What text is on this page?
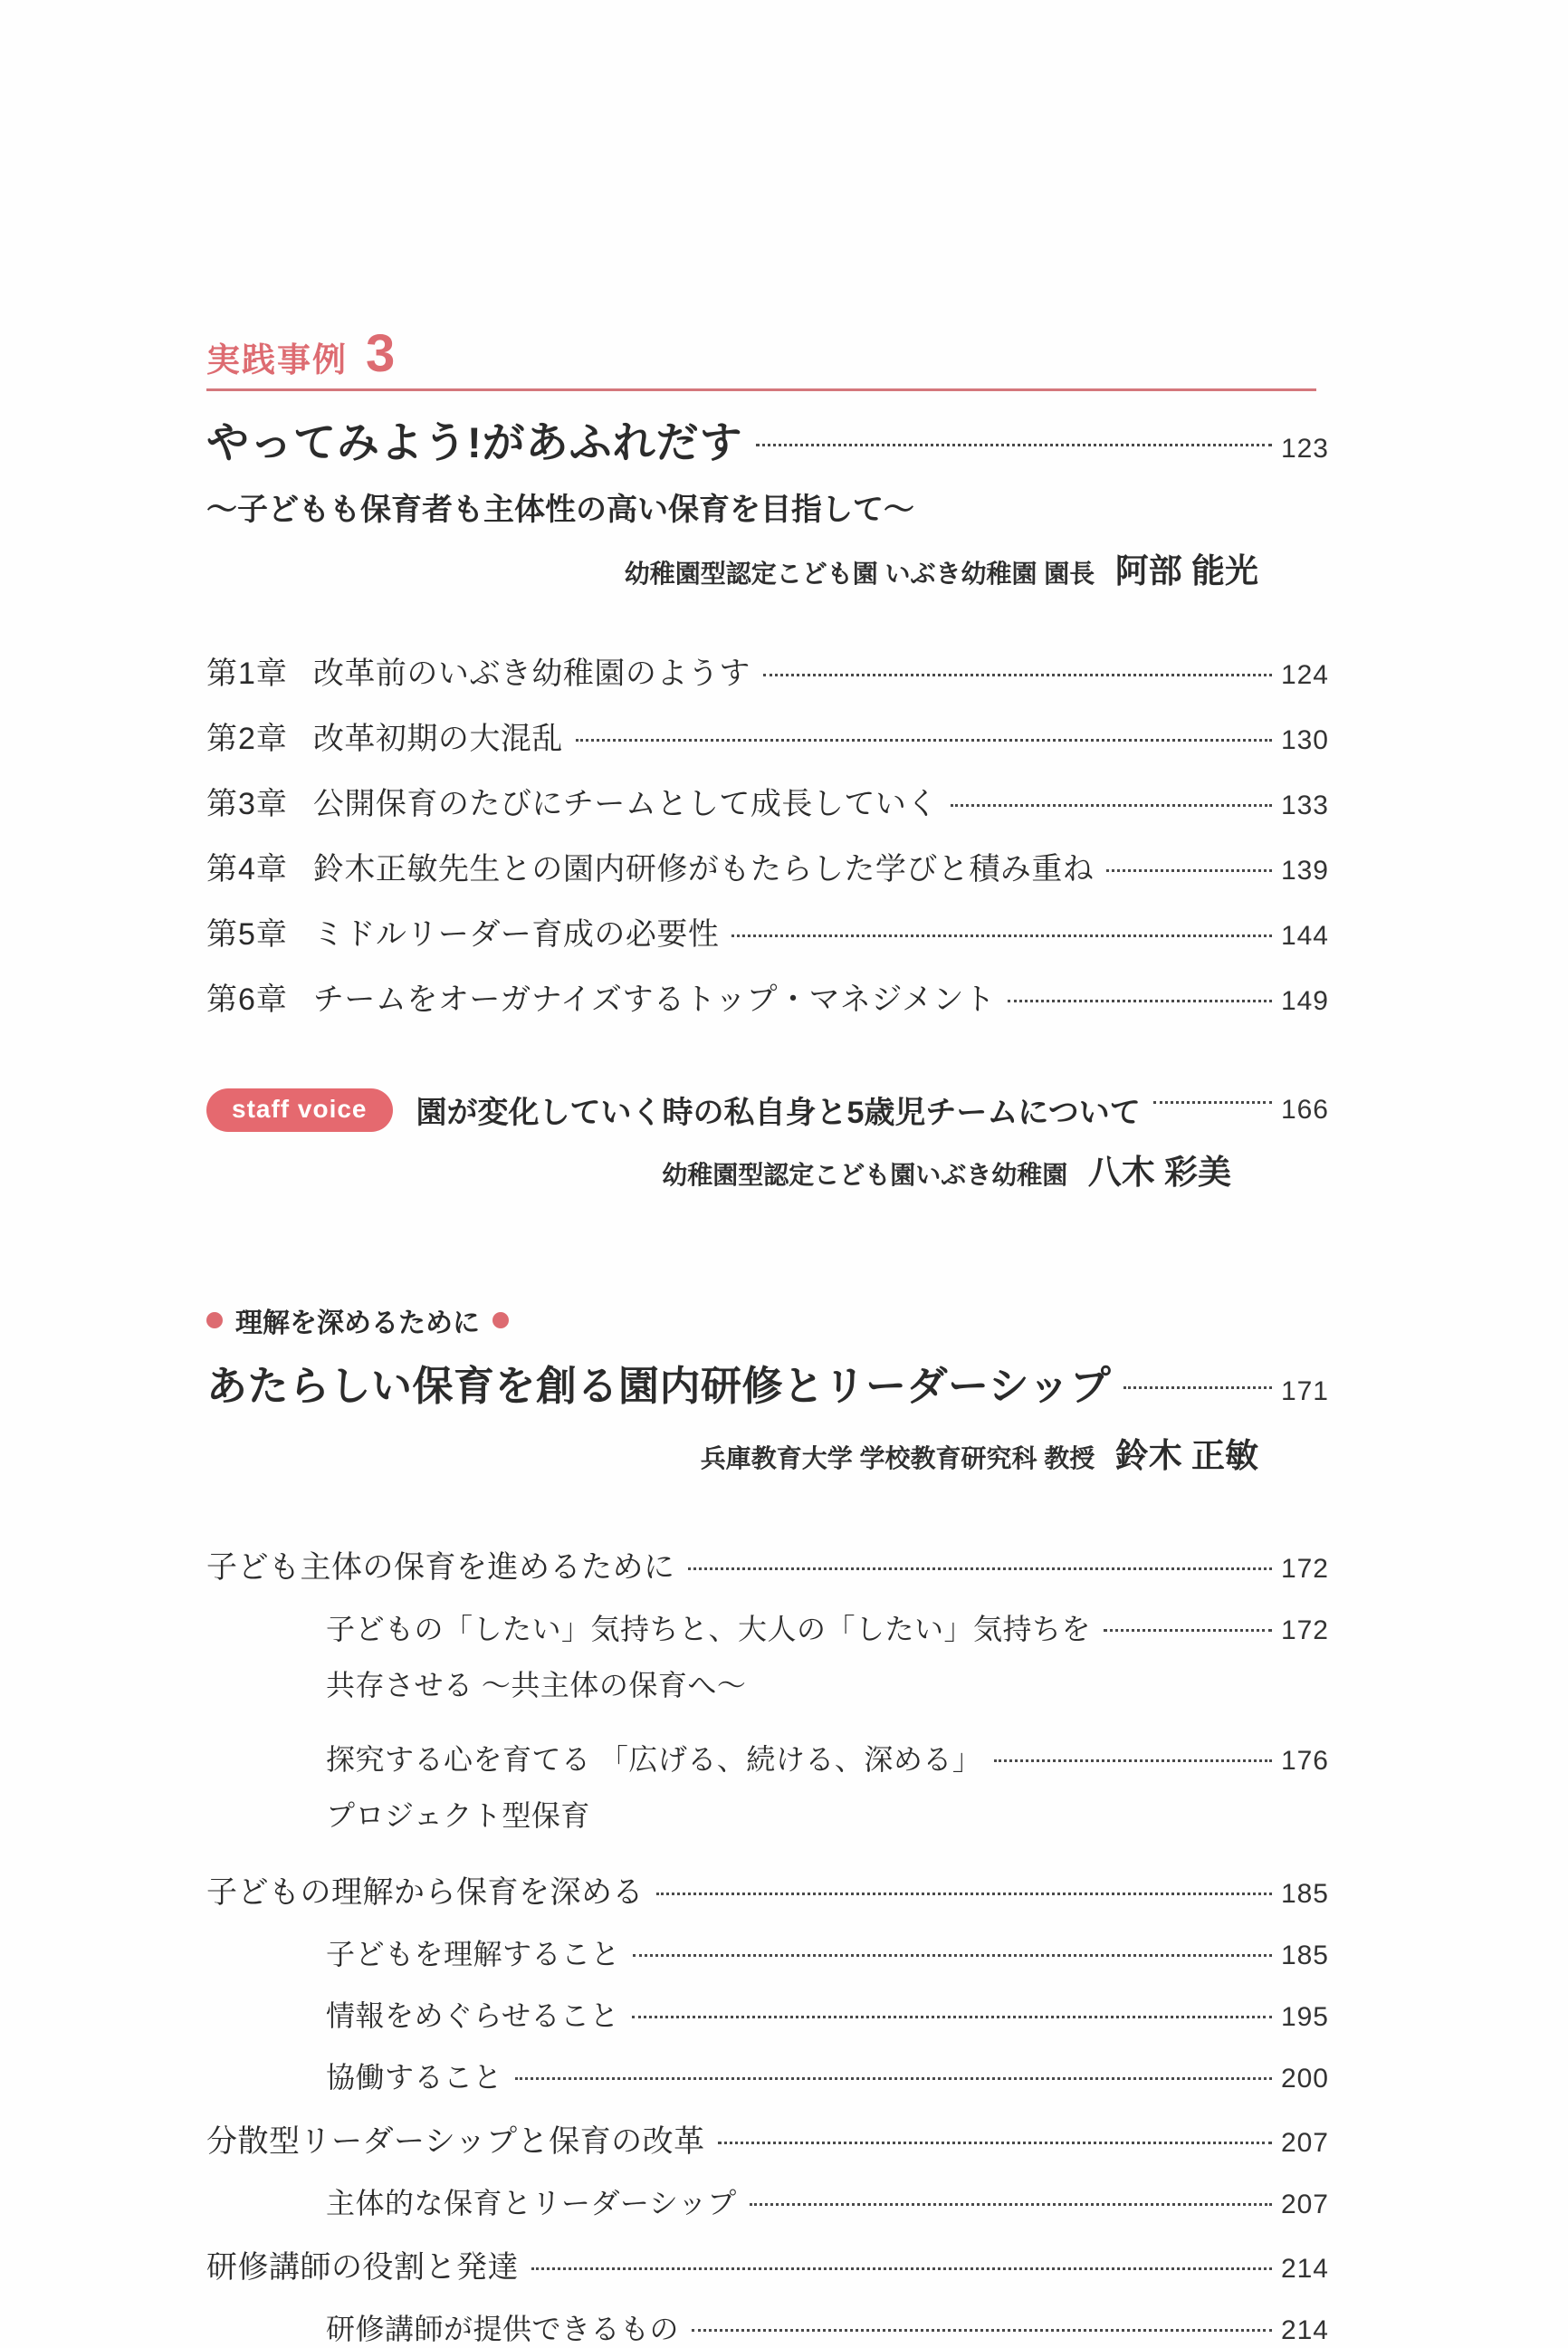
実践事例 3
やってみよう!があふれだす	123
〜子どもも保育者も主体性の高い保育を目指して〜
幼稚園型認定こども園 いぶき幼稚園 園長 阿部 能光
第1章 改革前のいぶき幼稚園のようす	124
第2章 改革初期の大混乱	130
第3章 公開保育のたびにチームとして成長していく	133
第4章 鈴木正敏先生との園内研修がもたらした学びと積み重ね	139
第5章 ミドルリーダー育成の必要性	144
第6章 チームをオーガナイズするトップ・マネジメント	149
staff voice	園が変化していく時の私自身と5歳児チームについて	166
幼稚園型認定こども園いぶき幼稚園 八木 彩美
理解を深めるために
あたらしい保育を創る園内研修とリーダーシップ	171
兵庫教育大学 学校教育研究科 教授 鈴木 正敏
子ども主体の保育を進めるために	172
子どもの「したい」気持ちと、大人の「したい」気持ちを	172
共存させる 〜共主体の保育へ〜
探究する心を育てる 「広げる、続ける、深める」	176
プロジェクト型保育
子どもの理解から保育を深める	185
子どもを理解すること	185
情報をめぐらせること	195
協働すること	200
分散型リーダーシップと保育の改革	207
主体的な保育とリーダーシップ	207
研修講師の役割と発達	214
研修講師が提供できるもの	214
